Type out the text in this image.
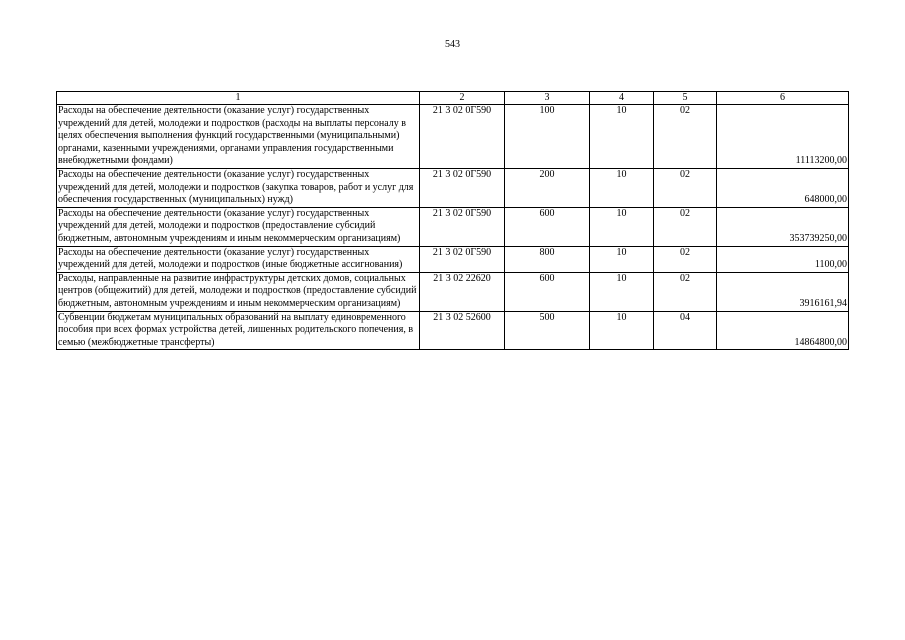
543
1	2	3	4	5	6
Расходы на обеспечение деятельности (оказание услуг) государственных учреждений для детей, молодежи и подростков (расходы на выплаты персоналу в целях обеспечения выполнения функций государственными (муниципальными) органами, казенными учреждениями, органами управления государственными внебюджетными фондами)	21 3 02 0Г590	100	10	02	11113200,00
Расходы на обеспечение деятельности (оказание услуг) государственных учреждений для детей, молодежи и подростков (закупка товаров, работ и услуг для обеспечения государственных (муниципальных) нужд)	21 3 02 0Г590	200	10	02	648000,00
Расходы на обеспечение деятельности (оказание услуг) государственных учреждений для детей, молодежи и подростков (предоставление субсидий бюджетным, автономным учреждениям и иным некоммерческим организациям)	21 3 02 0Г590	600	10	02	353739250,00
Расходы на обеспечение деятельности (оказание услуг) государственных учреждений для детей, молодежи и подростков (иные бюджетные ассигнования)	21 3 02 0Г590	800	10	02	1100,00
Расходы, направленные на развитие инфраструктуры детских домов, социальных центров (общежитий) для детей, молодежи и подростков (предоставление субсидий бюджетным, автономным учреждениям и иным некоммерческим организациям)	21 3 02 22620	600	10	02	3916161,94
Субвенции бюджетам муниципальных образований на выплату единовременного пособия при всех формах устройства детей, лишенных родительского попечения, в семью (межбюджетные трансферты)	21 3 02 52600	500	10	04	14864800,00
